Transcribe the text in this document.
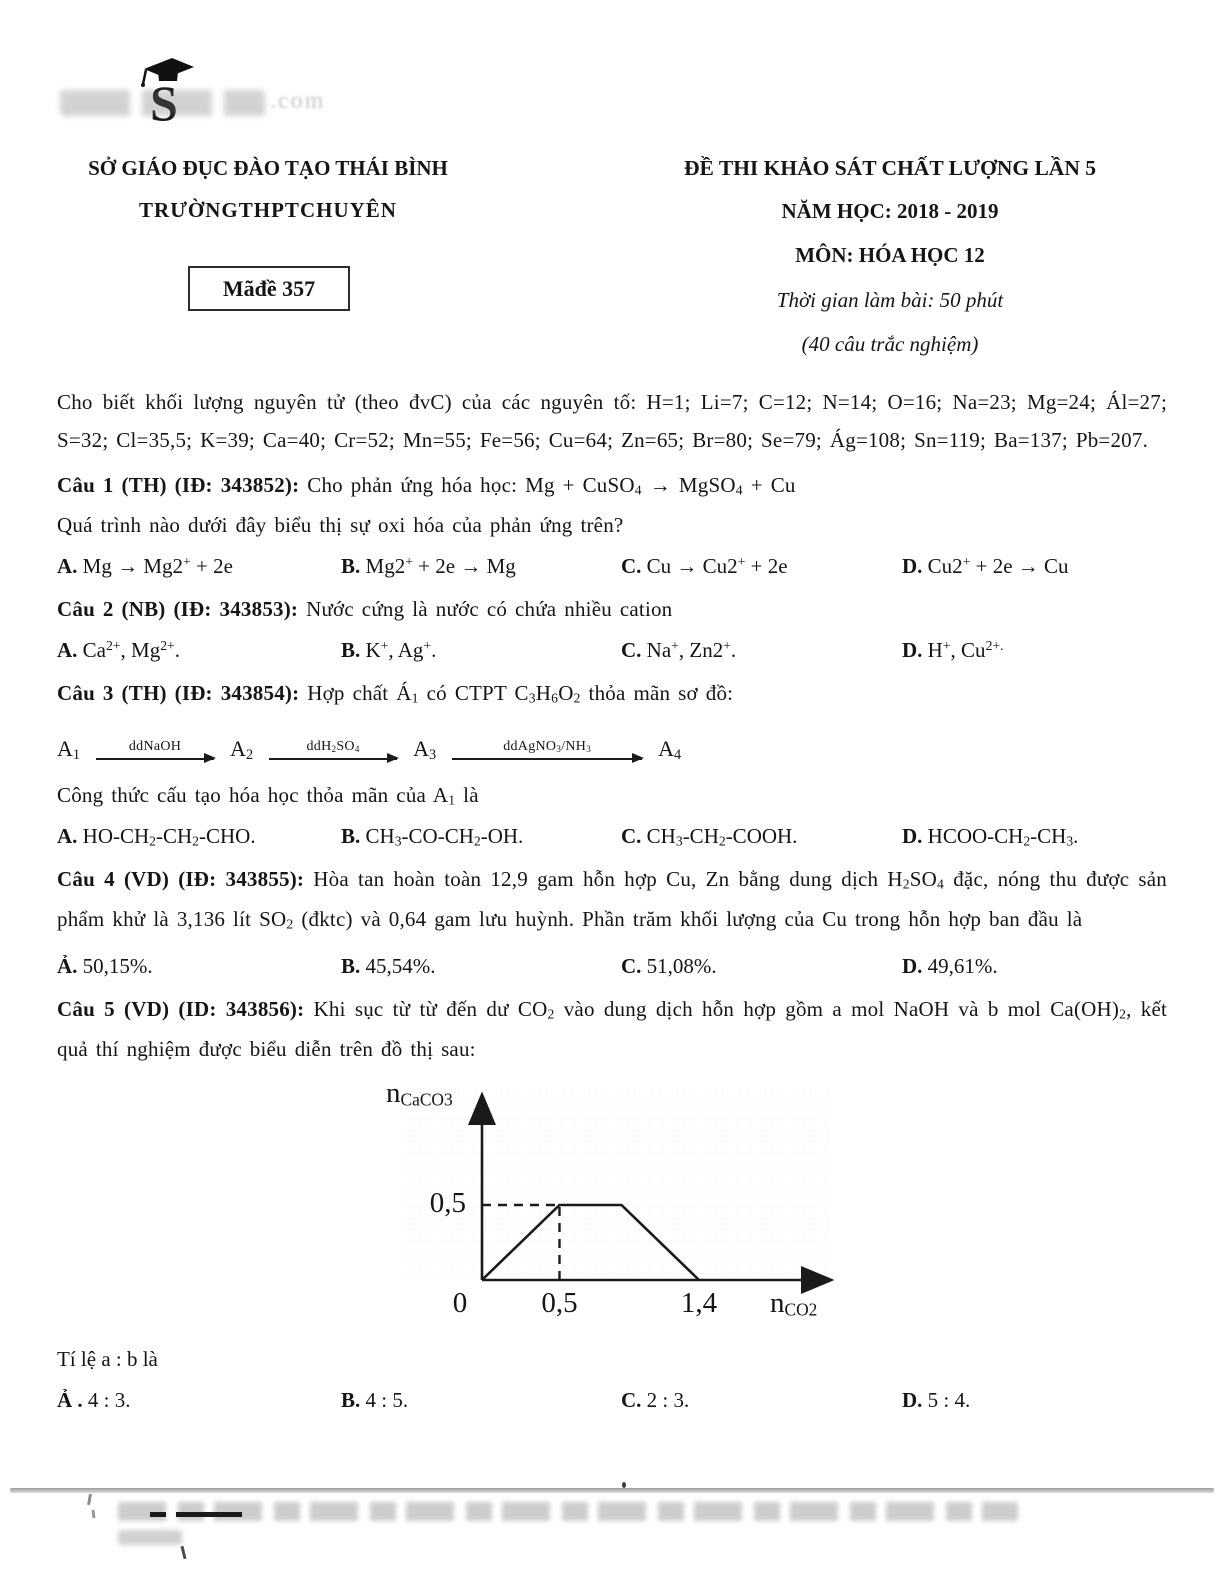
S	.com
SỞ GIÁO ĐỤC ĐÀO TẠO THÁI BÌNH
TRƯỜNGTHPTCHUYÊN
Mãđề 357
ĐỀ THI KHẢO SÁT CHẤT LƯỢNG LẦN 5
NĂM HỌC: 2018 - 2019
MÔN: HÓA HỌC 12
Thời gian làm bài: 50 phút
(40 câu trắc nghiệm)

Cho biết khối lượng nguyên tử (theo đvC) của các nguyên tố: H=1; Li=7; C=12; N=14; O=16; Na=23; Mg=24; Ál=27; S=32; Cl=35,5; K=39; Ca=40; Cr=52; Mn=55; Fe=56; Cu=64; Zn=65; Br=80; Se=79; Ág=108; Sn=119; Ba=137; Pb=207.

Câu 1 (TH) (IĐ: 343852): Cho phản ứng hóa học: Mg + CuSO$_4$ → MgSO$_4$ + Cu

Quá trình nào dưới đây biểu thị sự oxi hóa của phản ứng trên?

A. Mg → Mg2+ + 2e	B. Mg2+ + 2e → Mg	C. Cu → Cu2+ + 2e	D. Cu2+ + 2e → Cu

Câu 2 (NB) (IĐ: 343853): Nước cứng là nước có chứa nhiều cation

A. $Ca^{2+}$, $Mg^{2+}$.	B. K+, Ag+.	C. Na+, Zn2+.	D. H+, $Cu^{2+.}$

Câu 3 (TH) (IĐ: 343854): Hợp chất $Á_1$ có CTPT $C_3H_6O_2$ thỏa mãn sơ đồ:

$A_1$
ddNaOH $A_2$
$ddH_2SO_4$ $A_3$
$ddAgNO_3/NH_3$	$A_4$

Công thức cấu tạo hóa học thỏa mãn của $A_1$ là

A. $HO-CH_2-CH_2$-CHO.	B. $CH_3-CO-CH_2-OH$.	C. $CH_3-CH_2$-COOH.	D. HCOO-$CH_2-CH_3$.

Câu 4 (VD) (IĐ: 343855): Hòa tan hoàn toàn 12,9 gam hỗn hợp Cu, Zn bằng dung dịch $H_2SO_4$ đặc, nóng thu được sản phẩm khử là 3,136 lít $SO_2$ (đktc) và 0,64 gam lưu huỳnh. Phần trăm khối lượng của Cu trong hỗn hợp ban đầu là

Ả. 50,15%.	B. 45,54%.	C. 51,08%.	D. 49,61%.

Câu 5 (VD) (ID: 343856): Khi sục từ từ đến dư $CO_2$ vào dung dịch hỗn hợp gồm a mol NaOH và b mol $Ca(OH)_2$, kết quả thí nghiệm được biểu diễn trên đồ thị sau:

$n_{CaCO3}$
$n_{CO2}$
0	0,5	1,4
0,5

Tí lệ a : b là

Ả . 4 : 3.	B. 4 : 5.	C. 2 : 3.	D. 5 : 4.
